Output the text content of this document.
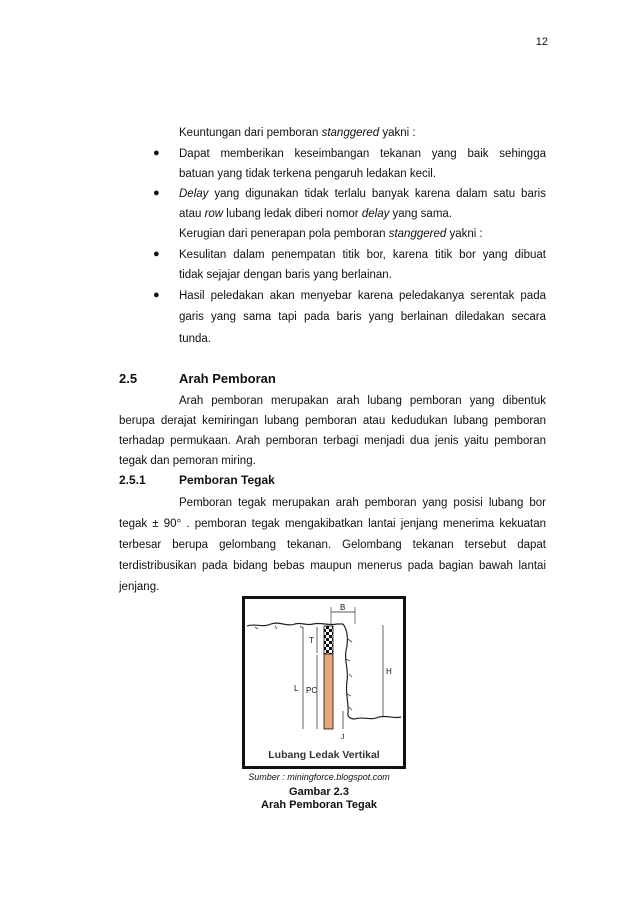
12
Keuntungan dari pemboran stanggered yakni :
● Dapat memberikan keseimbangan tekanan yang baik sehingga
batuan yang tidak terkena pengaruh ledakan kecil.
● Delay yang digunakan tidak terlalu banyak karena dalam satu baris
atau row lubang ledak diberi nomor delay yang sama.
Kerugian dari penerapan pola pemboran stanggered yakni :
● Kesulitan dalam penempatan titik bor, karena titik bor yang dibuat
tidak sejajar dengan baris yang berlainan.
● Hasil peledakan akan menyebar karena peledakanya serentak pada
garis yang sama tapi pada baris yang berlainan diledakan secara
tunda.
2.5	Arah Pemboran
Arah pemboran merupakan arah lubang pemboran yang dibentuk
berupa derajat kemiringan lubang pemboran atau kedudukan lubang pemboran
terhadap permukaan. Arah pemboran terbagi menjadi dua jenis yaitu pemboran
tegak dan pemoran miring.
2.5.1	Pemboran Tegak
Pemboran tegak merupakan arah pemboran yang posisi lubang bor
tegak ± 90° . pemboran tegak mengakibatkan lantai jenjang menerima kekuatan
terbesar berupa gelombang tekanan. Gelombang tekanan tersebut dapat
terdistribusikan pada bidang bebas maupun menerus pada bagian bawah lantai
jenjang.
B
T
L PC
H
J
Lubang Ledak Vertikal
Sumber : miningforce.blogspot.com
Gambar 2.3
Arah Pemboran Tegak
